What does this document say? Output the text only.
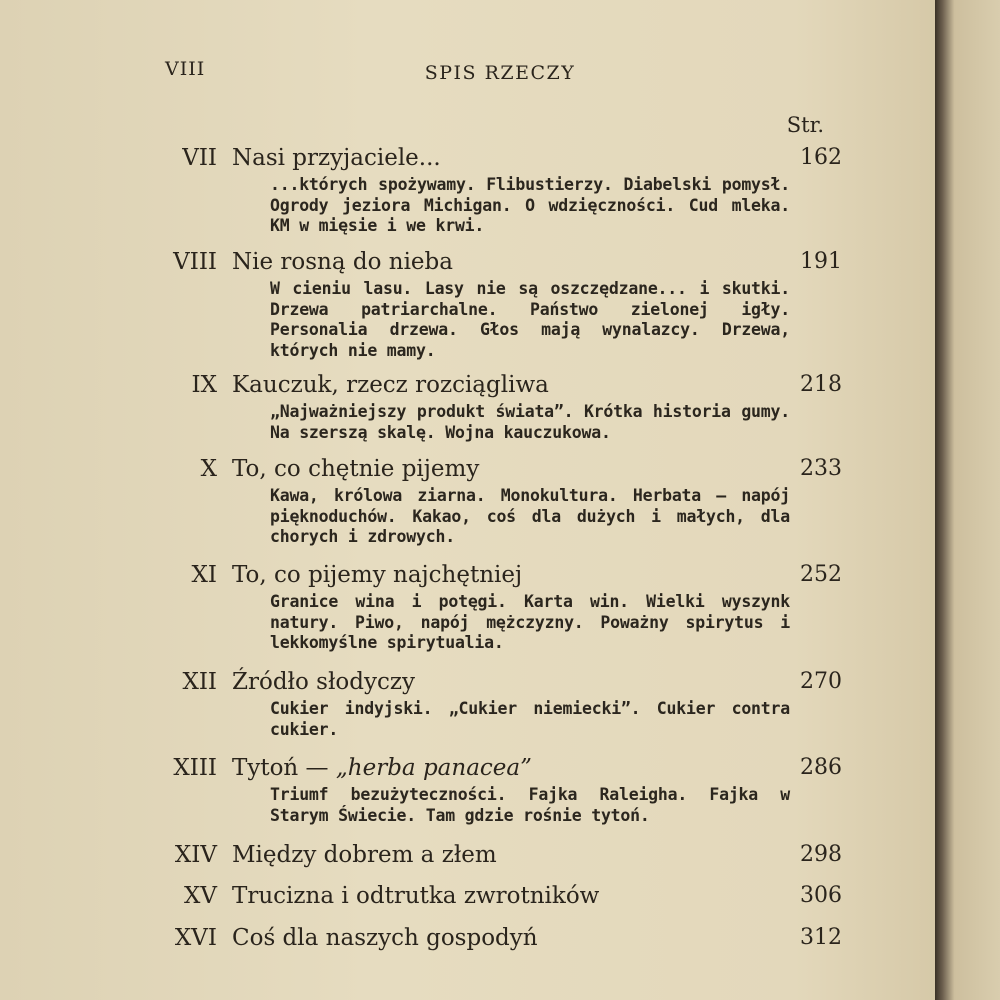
VIII	SPIS RZECZY
Str.
VII Nasi przyjaciele...	162
...których spożywamy. Flibustierzy. Diabelski pomysł. Ogrody jeziora Michigan. O wdzięczności. Cud mleka. KM w mięsie i we krwi.
VIII Nie rosną do nieba	191
W cieniu lasu. Lasy nie są oszczędzane... i skutki. Drzewa patriarchalne. Państwo zielonej igły. Personalia drzewa. Głos mają wynalazcy. Drzewa, których nie mamy.
IX Kauczuk, rzecz rozciągliwa	218
„Najważniejszy produkt świata”. Krótka historia gumy. Na szerszą skalę. Wojna kauczukowa.
X To, co chętnie pijemy	233
Kawa, królowa ziarna. Monokultura. Herbata — napój pięknoduchów. Kakao, coś dla dużych i małych, dla chorych i zdrowych.
XI To, co pijemy najchętniej	252
Granice wina i potęgi. Karta win. Wielki wyszynk natury. Piwo, napój mężczyzny. Poważny spirytus i lekkomyślne spirytualia.
XII Źródło słodyczy	270
Cukier indyjski. „Cukier niemiecki”. Cukier contra cukier.
XIII Tytoń — „herba panacea”	286
Triumf bezużyteczności. Fajka Raleigha. Fajka w Starym Świecie. Tam gdzie rośnie tytoń.
XIV Między dobrem a złem	298
XV Trucizna i odtrutka zwrotników	306
XVI Coś dla naszych gospodyń	312
